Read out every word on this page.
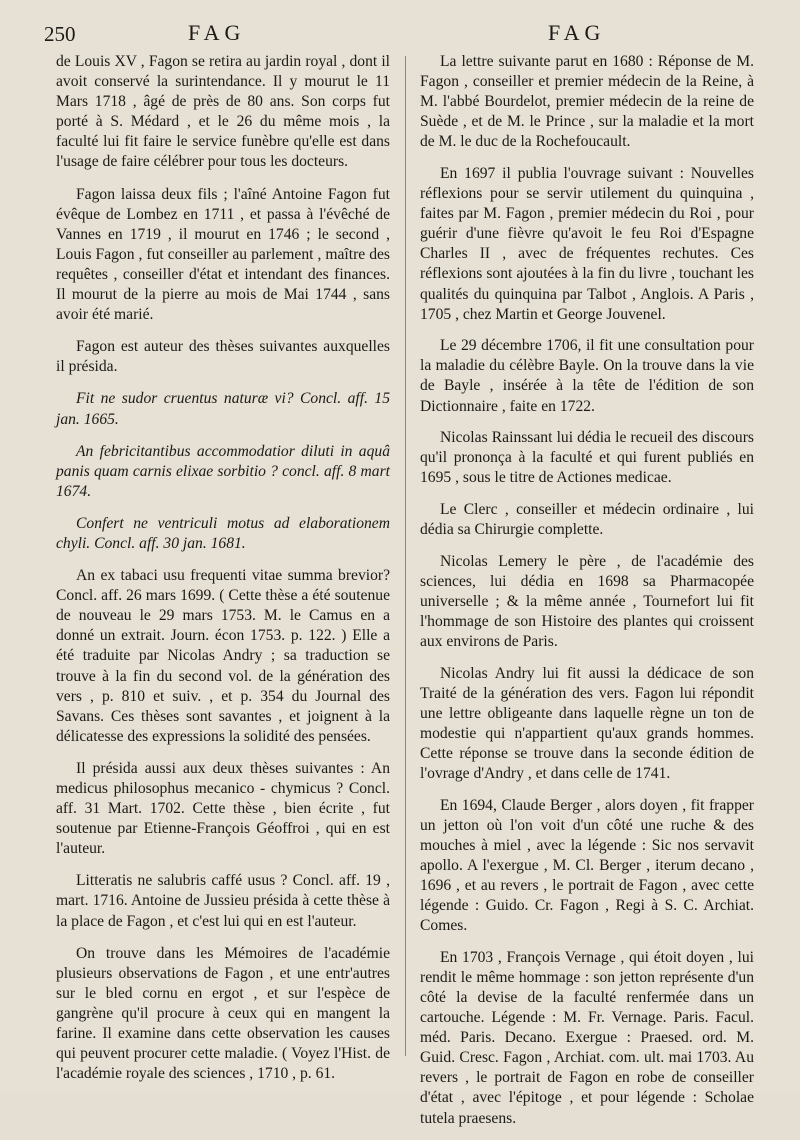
250	FAG	FAG

de Louis XV , Fagon se retira au jardin royal , dont il avoit conservé la surintendance. Il y mourut le 11 Mars 1718 , âgé de près de 80 ans. Son corps fut porté à S. Médard , et le 26 du même mois , la faculté lui fit faire le service funèbre qu'elle est dans l'usage de faire célébrer pour tous les docteurs.

Fagon laissa deux fils ; l'aîné Antoine Fagon fut évêque de Lombez en 1711 , et passa à l'évêché de Vannes en 1719 , il mourut en 1746 ; le second , Louis Fagon , fut conseiller au parlement , maître des requêtes , conseiller d'état et intendant des finances. Il mourut de la pierre au mois de Mai 1744 , sans avoir été marié.

Fagon est auteur des thèses suivantes auxquelles il présida.

Fit ne sudor cruentus naturæ vi? Concl. aff. 15 jan. 1665.

An febricitantibus accommodatior diluti in aquâ panis quam carnis elixae sorbitio ? concl. aff. 8 mart 1674.

Confert ne ventriculi motus ad elaborationem chyli. Concl. aff. 30 jan. 1681.

An ex tabaci usu frequenti vitae summa brevior? Concl. aff. 26 mars 1699. ( Cette thèse a été soutenue de nouveau le 29 mars 1753. M. le Camus en a donné un extrait. Journ. écon 1753. p. 122. ) Elle a été traduite par Nicolas Andry ; sa traduction se trouve à la fin du second vol. de la génération des vers , p. 810 et suiv. , et p. 354 du Journal des Savans. Ces thèses sont savantes , et joignent à la délicatesse des expressions la solidité des pensées.

Il présida aussi aux deux thèses suivantes : An medicus philosophus mecanico - chymicus ? Concl. aff. 31 Mart. 1702. Cette thèse , bien écrite , fut soutenue par Etienne-François Géoffroi , qui en est l'auteur.

Litteratis ne salubris caffé usus ? Concl. aff. 19 , mart. 1716. Antoine de Jussieu présida à cette thèse à la place de Fagon , et c'est lui qui en est l'auteur.

On trouve dans les Mémoires de l'académie plusieurs observations de Fagon , et une entr'autres sur le bled cornu en ergot , et sur l'espèce de gangrène qu'il procure à ceux qui en mangent la farine. Il examine dans cette observation les causes qui peuvent procurer cette maladie. ( Voyez l'Hist. de l'académie royale des sciences , 1710 , p. 61.

La lettre suivante parut en 1680 : Réponse de M. Fagon , conseiller et premier médecin de la Reine, à M. l'abbé Bourdelot, premier médecin de la reine de Suède , et de M. le Prince , sur la maladie et la mort de M. le duc de la Rochefoucault.

En 1697 il publia l'ouvrage suivant : Nouvelles réflexions pour se servir utilement du quinquina , faites par M. Fagon , premier médecin du Roi , pour guérir d'une fièvre qu'avoit le feu Roi d'Espagne Charles II , avec de fréquentes rechutes. Ces réflexions sont ajoutées à la fin du livre , touchant les qualités du quinquina par Talbot , Anglois. A Paris , 1705 , chez Martin et George Jouvenel.

Le 29 décembre 1706, il fit une consultation pour la maladie du célèbre Bayle. On la trouve dans la vie de Bayle , insérée à la tête de l'édition de son Dictionnaire , faite en 1722.

Nicolas Rainssant lui dédia le recueil des discours qu'il prononça à la faculté et qui furent publiés en 1695 , sous le titre de Actiones medicae.

Le Clerc , conseiller et médecin ordinaire , lui dédia sa Chirurgie complette.

Nicolas Lemery le père , de l'académie des sciences, lui dédia en 1698 sa Pharmacopée universelle ; & la même année , Tournefort lui fit l'hommage de son Histoire des plantes qui croissent aux environs de Paris.

Nicolas Andry lui fit aussi la dédicace de son Traité de la génération des vers. Fagon lui répondit une lettre obligeante dans laquelle règne un ton de modestie qui n'appartient qu'aux grands hommes. Cette réponse se trouve dans la seconde édition de l'ovrage d'Andry , et dans celle de 1741.

En 1694, Claude Berger , alors doyen , fit frapper un jetton où l'on voit d'un côté une ruche & des mouches à miel , avec la légende : Sic nos servavit apollo. A l'exergue , M. Cl. Berger , iterum decano , 1696 , et au revers , le portrait de Fagon , avec cette légende : Guido. Cr. Fagon , Regi à S. C. Archiat. Comes.

En 1703 , François Vernage , qui étoit doyen , lui rendit le même hommage : son jetton représente d'un côté la devise de la faculté renfermée dans un cartouche. Légende : M. Fr. Vernage. Paris. Facul. méd. Paris. Decano. Exergue : Praesed. ord. M. Guid. Cresc. Fagon , Archiat. com. ult. mai 1703. Au revers , le portrait de Fagon en robe de conseiller d'état , avec l'épitoge , et pour légende : Scholae tutela praesens.
